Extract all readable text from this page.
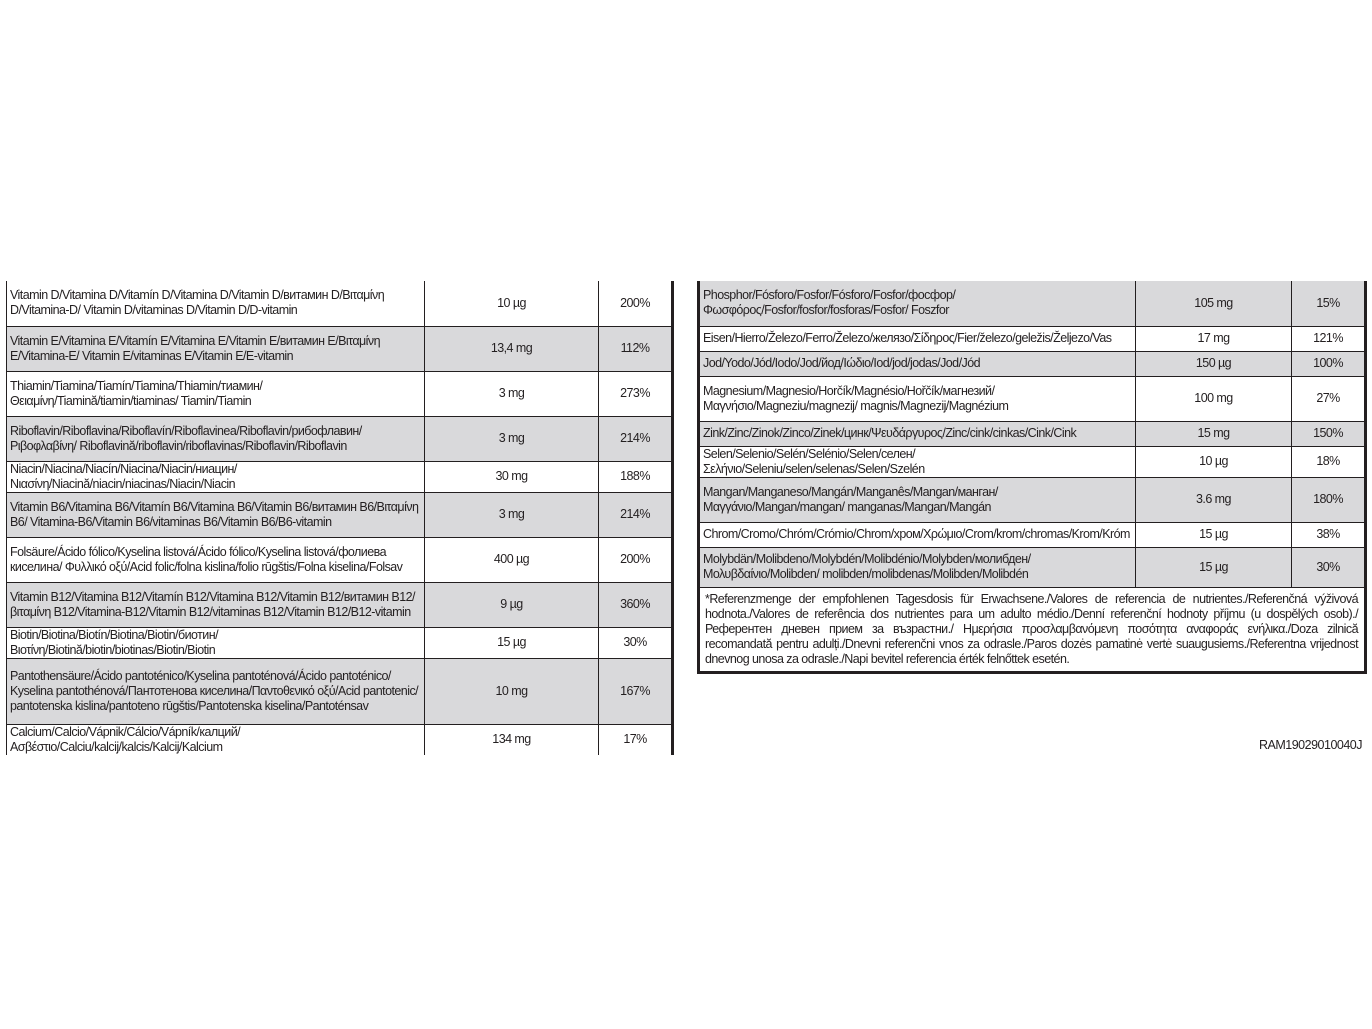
Vitamin D/Vitamina D/Vitamín D/Vitamina D/Vitamin D/витамин D/Βιταμίνη D/Vitamina-D/ Vitamin D/vitaminas D/Vitamin D/D-vitamin	10 µg	200%
Vitamin E/Vitamina E/Vitamín E/Vitamina E/Vitamin E/витамин E/Βιταμίνη E/Vitamina-E/ Vitamin E/vitaminas E/Vitamin E/E-vitamin	13,4 mg	112%
Thiamin/Tiamina/Tiamín/Tiamina/Thiamin/тиамин/Θειαμίνη/Tiamină/tiamin/tiaminas/ Tiamin/Tiamin	3 mg	273%
Riboflavin/Riboflavina/Riboflavín/Riboflavinea/Riboflavin/рибофлавин/Ριβοφλαβίνη/ Riboflavină/riboflavin/riboflavinas/Riboflavin/Riboflavin	3 mg	214%
Niacin/Niacina/Niacín/Niacina/Niacin/ниацин/Νιασίνη/Niacină/niacin/niacinas/Niacin/Niacin	30 mg	188%
Vitamin B6/Vitamina B6/Vitamín B6/Vitamina B6/Vitamin B6/витамин B6/Βιταμίνη B6/ Vitamina-B6/Vitamin B6/vitaminas B6/Vitamin B6/B6-vitamin	3 mg	214%
Folsäure/Ácido fólico/Kyselina listová/Ácido fólico/Kyselina listová/фолиева киселина/ Φυλλικό οξύ/Acid folic/folna kislina/folio rūgštis/Folna kiselina/Folsav	400 µg	200%
Vitamin B12/Vitamina B12/Vitamín B12/Vitamina B12/Vitamin B12/витамин B12/ βιταμίνη B12/Vitamina-B12/Vitamin B12/vitaminas B12/Vitamin B12/B12-vitamin	9 µg	360%
Biotin/Biotina/Biotín/Biotina/Biotin/биотин/Βιοτίνη/Biotină/biotin/biotinas/Biotin/Biotin	15 µg	30%
Pantothensäure/Ácido pantoténico/Kyselina pantoténová/Ácido pantoténico/ Kyselina pantothénová/Пантотенова киселина/Παντοθενικό οξύ/Acid pantotenic/ pantotenska kislina/pantoteno rūgštis/Pantotenska kiselina/Pantoténsav	10 mg	167%
Calcium/Calcio/Vápnik/Cálcio/Vápník/калций/Ασβέστιο/Calciu/kalcij/kalcis/Kalcij/Kalcium	134 mg	17%
Phosphor/Fósforo/Fosfor/Fósforo/Fosfor/фосфор/Φωσφόρος/Fosfor/fosfor/fosforas/Fosfor/ Foszfor	105 mg	15%
Eisen/Hierro/Železo/Ferro/Železo/желязо/Σίδηρος/Fier/železo/geležis/Željezo/Vas	17 mg	121%
Jod/Yodo/Jód/Iodo/Jod/йод/Ιώδιο/Iod/jod/jodas/Jod/Jód	150 µg	100%
Magnesium/Magnesio/Horčík/Magnésio/Hořčík/магнезий/Μαγνήσιο/Magneziu/magnezij/ magnis/Magnezij/Magnézium	100 mg	27%
Zink/Zinc/Zinok/Zinco/Zinek/цинк/Ψευδάργυρος/Zinc/cink/cinkas/Cink/Cink	15 mg	150%
Selen/Selenio/Selén/Selénio/Selen/селен/Σελήνιο/Seleniu/selen/selenas/Selen/Szelén	10 µg	18%
Mangan/Manganeso/Mangán/Manganês/Mangan/манган/Μαγγάνιο/Mangan/mangan/ manganas/Mangan/Mangán	3.6 mg	180%
Chrom/Cromo/Chróm/Crómio/Chrom/хром/Χρώμιο/Crom/krom/chromas/Krom/Króm	15 µg	38%
Molybdän/Molibdeno/Molybdén/Molibdénio/Molybden/молибден/Μολυβδαίνιο/Molibden/ molibden/molibdenas/Molibden/Molibdén	15 µg	30%
*Referenzmenge der empfohlenen Tagesdosis für Erwachsene./Valores de referencia de nutrientes./Referenčná výživová hodnota./Valores de referência dos nutrientes para um adulto médio./Denní referenční hodnoty příjmu (u dospělých osob)./Референтен дневен прием за възрастни./ Ημερήσια προσλαμβανόμενη ποσότητα αναφοράς ενήλικα./Doza zilnică recomandată pentru adulți./Dnevni referenčni vnos za odrasle./Paros dozės pamatinė vertė suaugusiems./Referentna vrijednost dnevnog unosa za odrasle./Napi bevitel referencia érték felnőttek esetén.		
RAM19029010040J
